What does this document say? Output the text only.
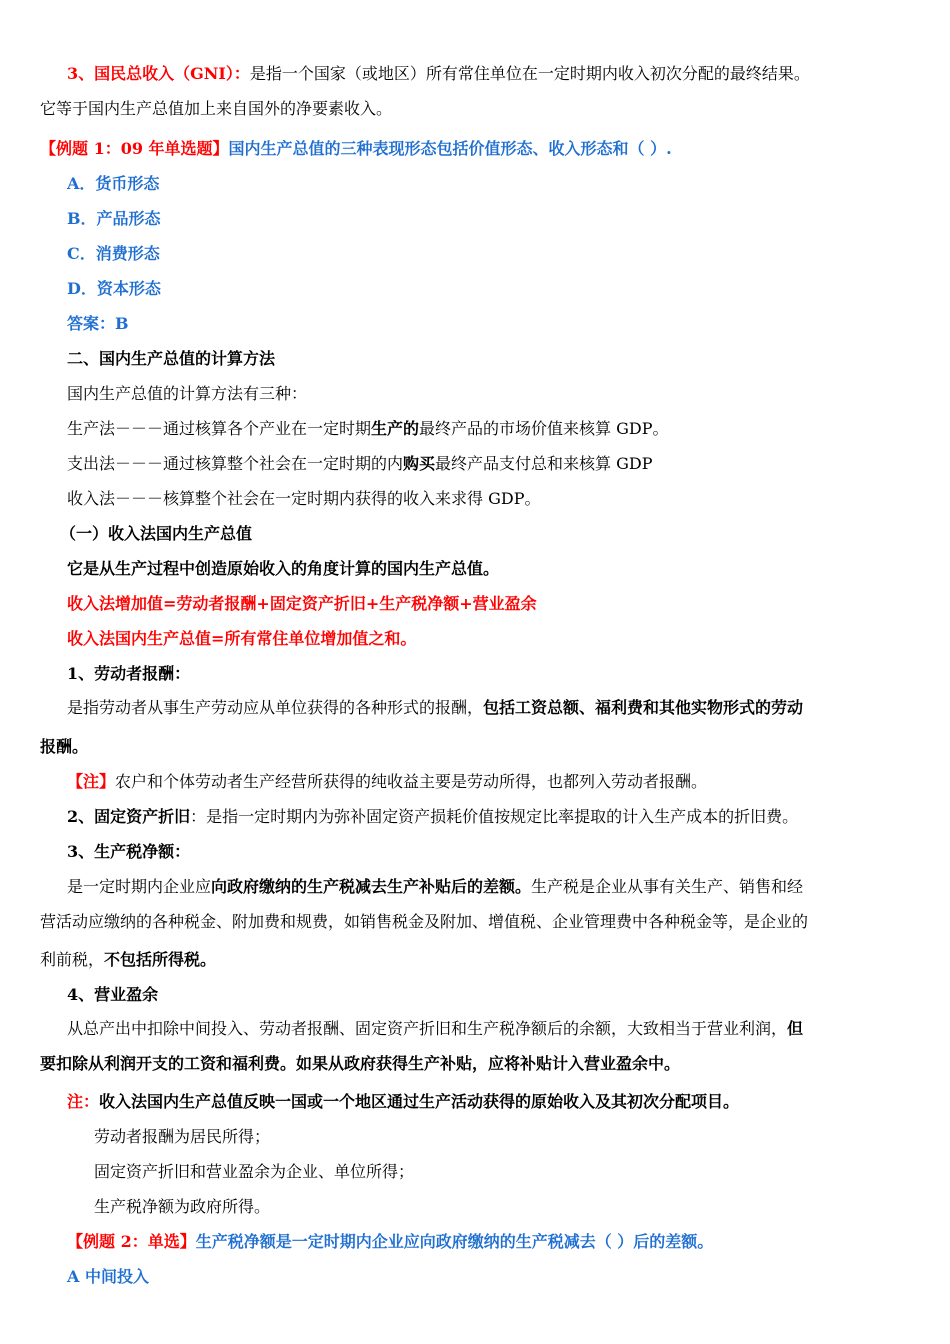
3、国民总收入（GNI）：是指一个国家（或地区）所有常住单位在一定时期内收入初次分配的最终结果。
它等于国内生产总值加上来自国外的净要素收入。
【例题 1：09 年单选题】国内生产总值的三种表现形态包括价值形态、收入形态和（ ）.
A．货币形态
B．产品形态
C．消费形态
D．资本形态
答案：B
二、国内生产总值的计算方法
国内生产总值的计算方法有三种：
生产法－－－通过核算各个产业在一定时期生产的最终产品的市场价值来核算 GDP。
支出法－－－通过核算整个社会在一定时期的内购买最终产品支付总和来核算 GDP
收入法－－－核算整个社会在一定时期内获得的收入来求得 GDP。
（一）收入法国内生产总值
它是从生产过程中创造原始收入的角度计算的国内生产总值。
收入法增加值=劳动者报酬+固定资产折旧+生产税净额+营业盈余
收入法国内生产总值=所有常住单位增加值之和。
1、劳动者报酬：
是指劳动者从事生产劳动应从单位获得的各种形式的报酬，包括工资总额、福利费和其他实物形式的劳动
报酬。
【注】农户和个体劳动者生产经营所获得的纯收益主要是劳动所得，也都列入劳动者报酬。
2、固定资产折旧：是指一定时期内为弥补固定资产损耗价值按规定比率提取的计入生产成本的折旧费。
3、生产税净额：
是一定时期内企业应向政府缴纳的生产税减去生产补贴后的差额。生产税是企业从事有关生产、销售和经
营活动应缴纳的各种税金、附加费和规费，如销售税金及附加、增值税、企业管理费中各种税金等，是企业的
利前税，不包括所得税。
4、营业盈余
从总产出中扣除中间投入、劳动者报酬、固定资产折旧和生产税净额后的余额，大致相当于营业利润，但
要扣除从利润开支的工资和福利费。如果从政府获得生产补贴，应将补贴计入营业盈余中。
注：收入法国内生产总值反映一国或一个地区通过生产活动获得的原始收入及其初次分配项目。
劳动者报酬为居民所得；
固定资产折旧和营业盈余为企业、单位所得；
生产税净额为政府所得。
【例题 2：单选】生产税净额是一定时期内企业应向政府缴纳的生产税减去（ ）后的差额。
A 中间投入
